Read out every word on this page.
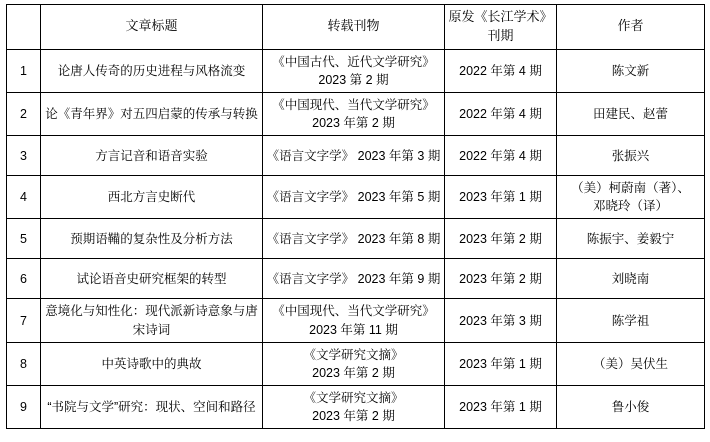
	文章标题	转载刊物	原发《长江学术》刊期	作者
1	论唐人传奇的历史进程与风格流变	《中国古代、近代文学研究》
2023 第 2 期	2022 年第 4 期	陈文新

2	论《青年界》对五四启蒙的传承与转换	《中国现代、当代文学研究》
2023 年第 2 期	2022 年第 4 期	田建民、赵蕾

3	方言记音和语音实验	《语言文字学》 2023 年第 3 期	2022 年第 4 期	张振兴

4	西北方言史断代	《语言文字学》 2023 年第 5 期	2023 年第 1 期	（美）柯蔚南（著）、
邓晓玲（译）

5	预期语鞴的复杂性及分析方法	《语言文字学》 2023 年第 8 期	2023 年第 2 期	陈振宇、姜毅宁

6	试论语音史研究框架的转型	《语言文字学》 2023 年第 9 期	2023 年第 2 期	刘晓南

7	意境化与知性化：现代派新诗意象与唐宋诗词	《中国现代、当代文学研究》
2023 年第 11 期	2023 年第 3 期	陈学祖

8	中英诗歌中的典故	《文学研究文摘》
2023 年第 2 期	2023 年第 1 期	（美）吴伏生

9	“书院与文学”研究：现状、空间和路径	《文学研究文摘》
2023 年第 2 期	2023 年第 1 期	鲁小俊
